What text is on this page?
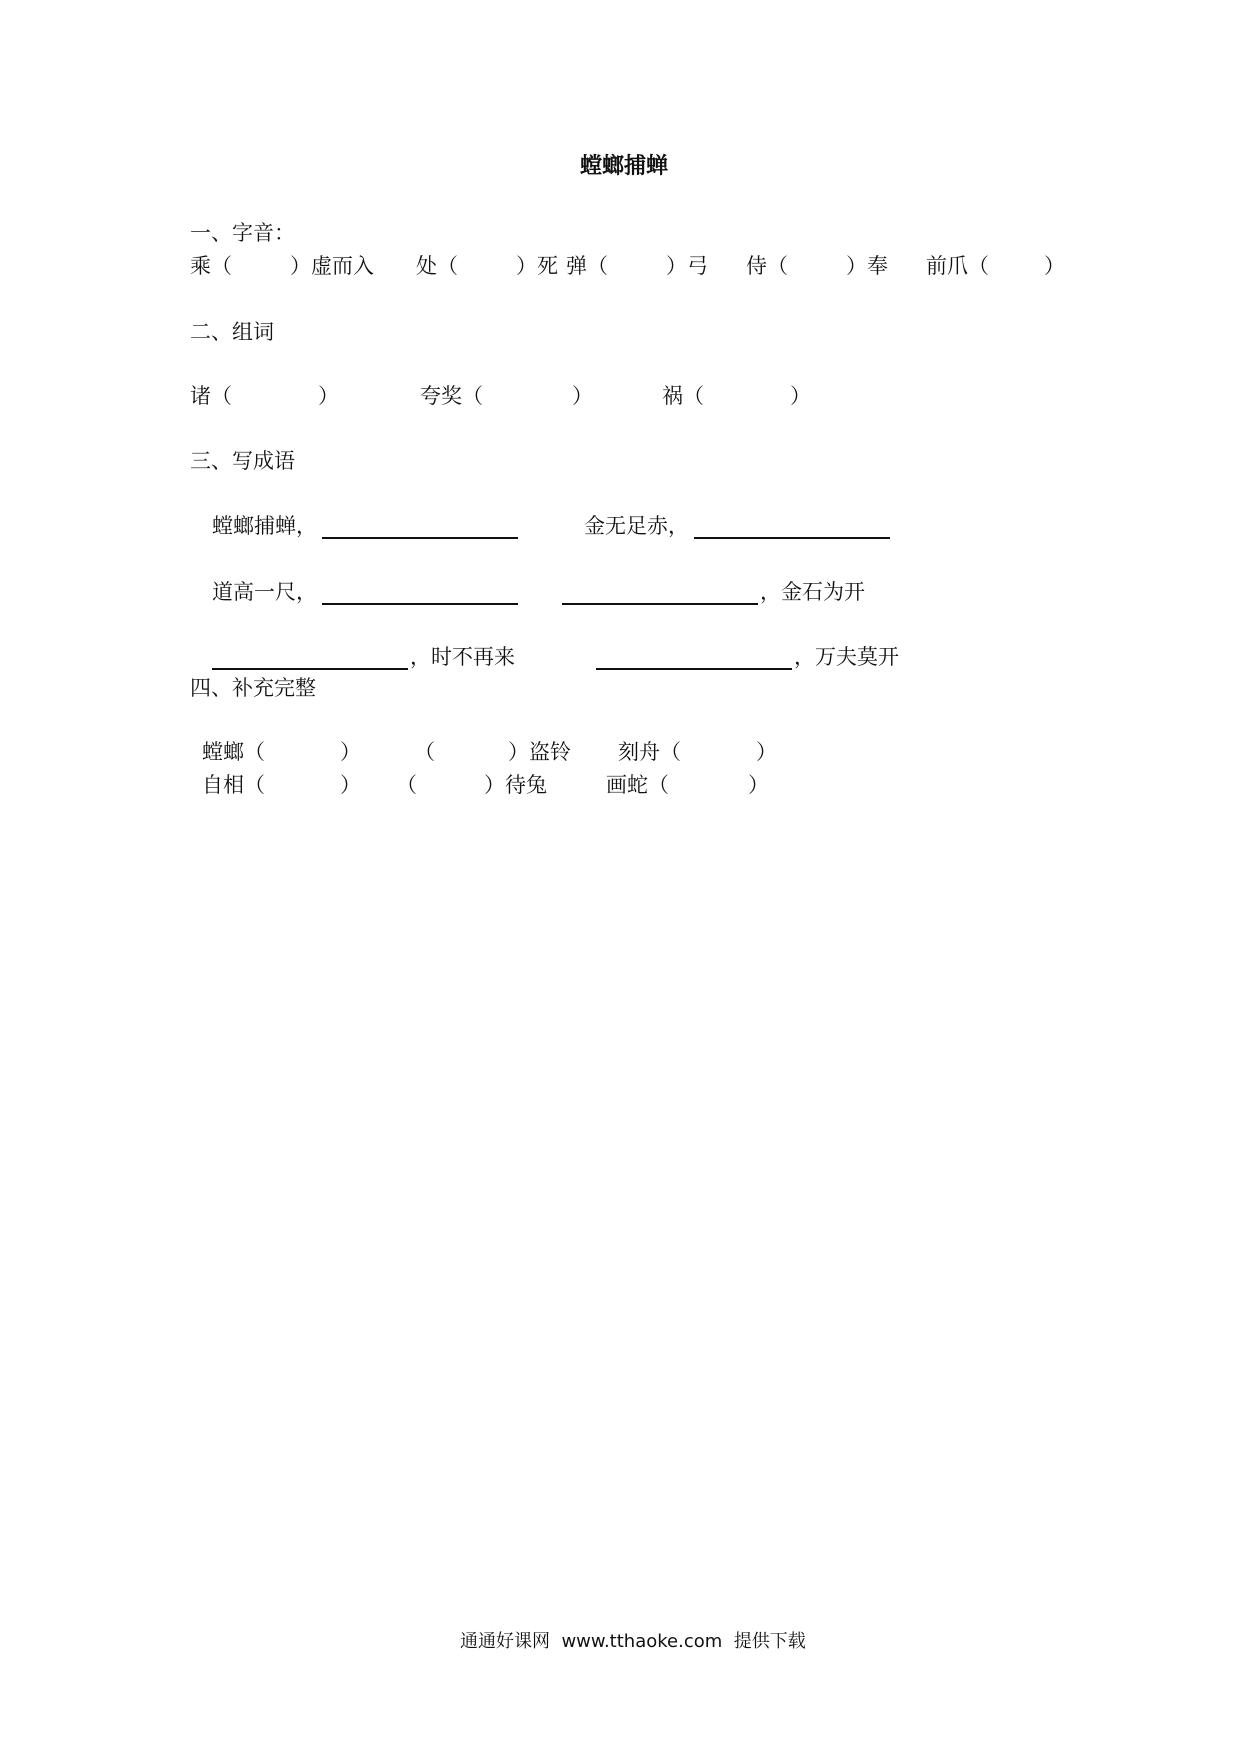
螳螂捕蝉
一、字音：
乘（	）虚而入 处（	）死 弹（	）弓 侍（	）奉 前爪（	）
二、组词
诸（	）	夸奖（	）	祸（	）
三、写成语
螳螂捕蝉，	金无足赤，
道高一尺，	，金石为开
，时不再来	，万夫莫开
四、补充完整
螳螂（	）	（	）盗铃 刻舟（	）
自相（	） （	）待兔	画蛇（	）
通通好课网  www.tthaoke.com  提供下载
